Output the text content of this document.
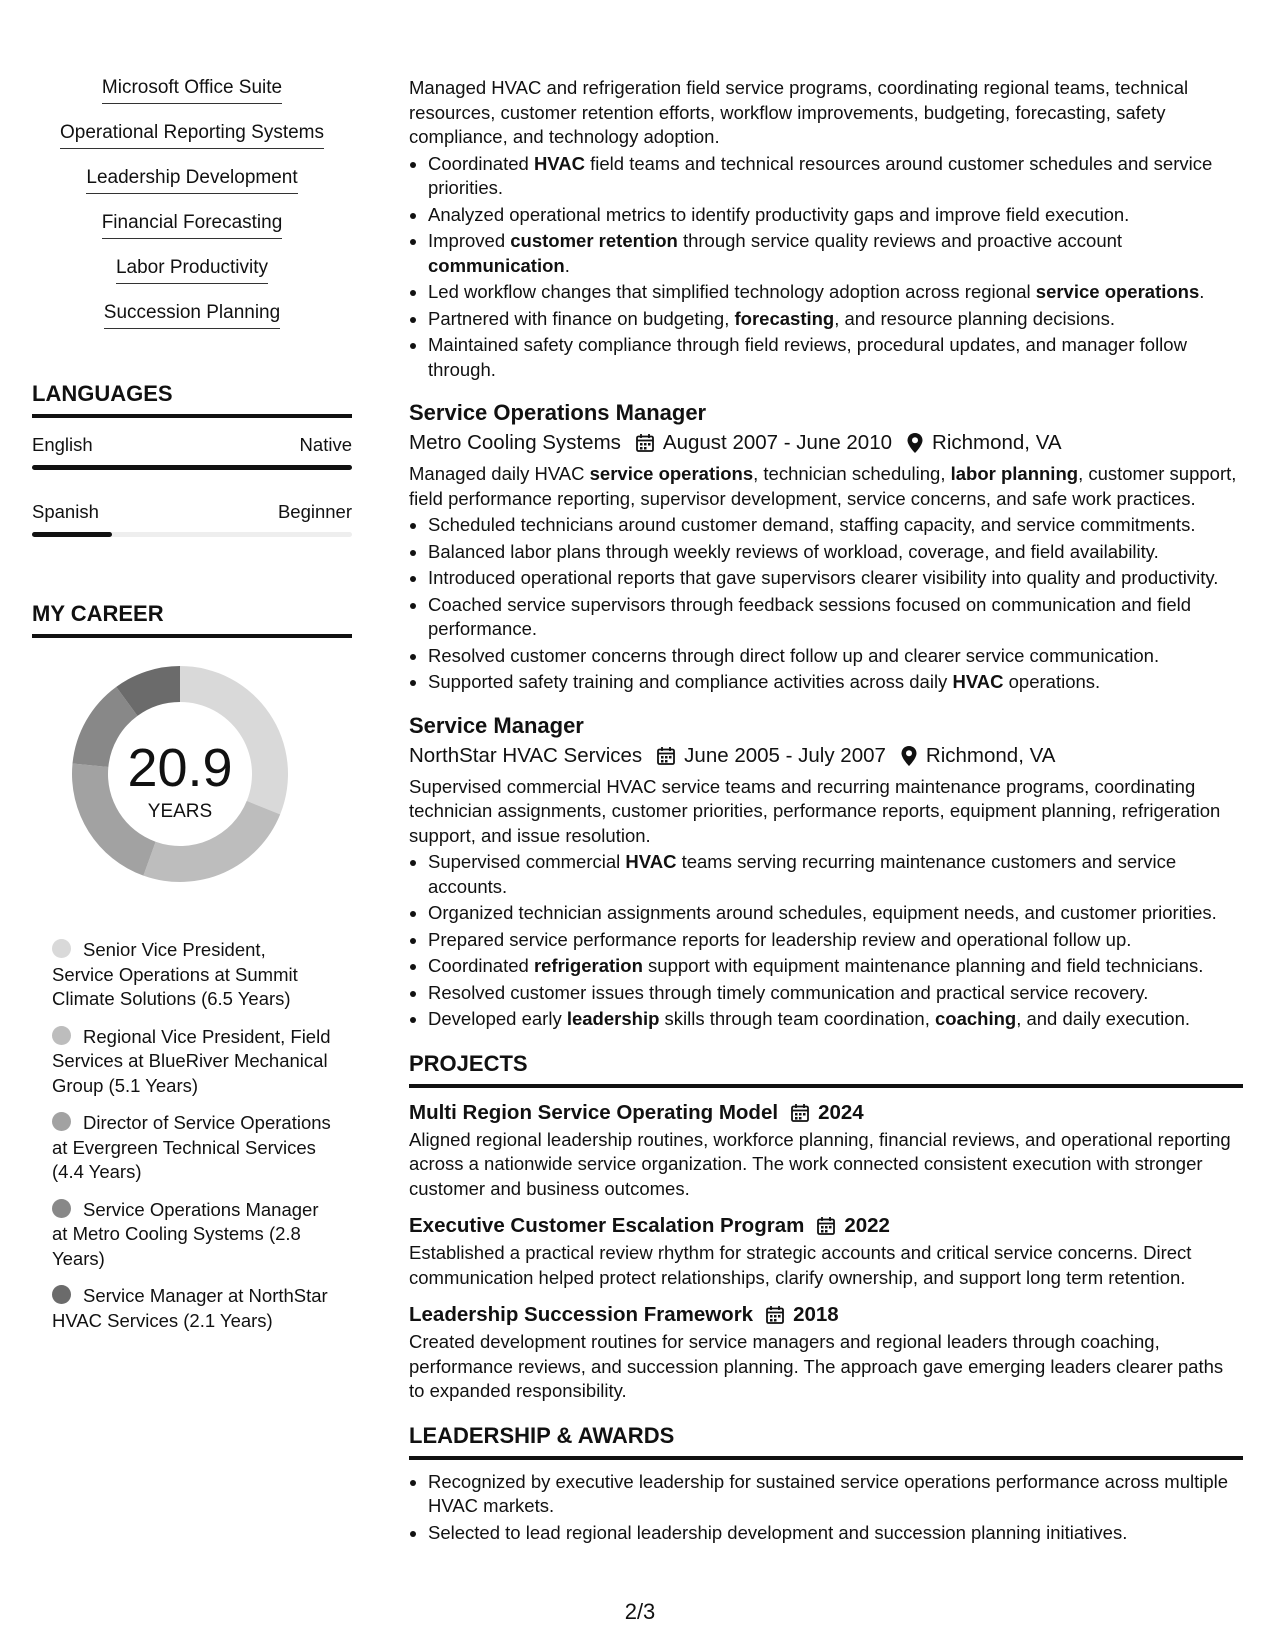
Microsoft Office Suite
Operational Reporting Systems
Leadership Development
Financial Forecasting
Labor Productivity
Succession Planning
LANGUAGES
English	Native
Spanish	Beginner
MY CAREER
20.9
YEARS
Senior Vice President, Service Operations at Summit Climate Solutions (6.5 Years)
Regional Vice President, Field Services at BlueRiver Mechanical Group (5.1 Years)
Director of Service Operations at Evergreen Technical Services (4.4 Years)
Service Operations Manager at Metro Cooling Systems (2.8 Years)
Service Manager at NorthStar HVAC Services (2.1 Years)

Managed HVAC and refrigeration field service programs, coordinating regional teams, technical resources, customer retention efforts, workflow improvements, budgeting, forecasting, safety compliance, and technology adoption.

• Coordinated HVAC field teams and technical resources around customer schedules and service priorities.
• Analyzed operational metrics to identify productivity gaps and improve field execution.
• Improved customer retention through service quality reviews and proactive account communication.
• Led workflow changes that simplified technology adoption across regional service operations.
• Partnered with finance on budgeting, forecasting, and resource planning decisions.
• Maintained safety compliance through field reviews, procedural updates, and manager follow through.
Service Operations Manager
Metro Cooling Systems August 2007 - June 2010 Richmond, VA

Managed daily HVAC service operations, technician scheduling, labor planning, customer support, field performance reporting, supervisor development, service concerns, and safe work practices.

• Scheduled technicians around customer demand, staffing capacity, and service commitments.
• Balanced labor plans through weekly reviews of workload, coverage, and field availability.
• Introduced operational reports that gave supervisors clearer visibility into quality and productivity.
• Coached service supervisors through feedback sessions focused on communication and field performance.
• Resolved customer concerns through direct follow up and clearer service communication.
• Supported safety training and compliance activities across daily HVAC operations.
Service Manager
NorthStar HVAC Services June 2005 - July 2007 Richmond, VA

Supervised commercial HVAC service teams and recurring maintenance programs, coordinating technician assignments, customer priorities, performance reports, equipment planning, refrigeration support, and issue resolution.

• Supervised commercial HVAC teams serving recurring maintenance customers and service accounts.
• Organized technician assignments around schedules, equipment needs, and customer priorities.
• Prepared service performance reports for leadership review and operational follow up.
• Coordinated refrigeration support with equipment maintenance planning and field technicians.
• Resolved customer issues through timely communication and practical service recovery.
• Developed early leadership skills through team coordination, coaching, and daily execution.
PROJECTS
Multi Region Service Operating Model 2024

Aligned regional leadership routines, workforce planning, financial reviews, and operational reporting across a nationwide service organization. The work connected consistent execution with stronger customer and business outcomes.

Executive Customer Escalation Program 2022

Established a practical review rhythm for strategic accounts and critical service concerns. Direct communication helped protect relationships, clarify ownership, and support long term retention.

Leadership Succession Framework 2018

Created development routines for service managers and regional leaders through coaching, performance reviews, and succession planning. The approach gave emerging leaders clearer paths to expanded responsibility.

LEADERSHIP & AWARDS
• Recognized by executive leadership for sustained service operations performance across multiple HVAC markets.
• Selected to lead regional leadership development and succession planning initiatives.
2/3
